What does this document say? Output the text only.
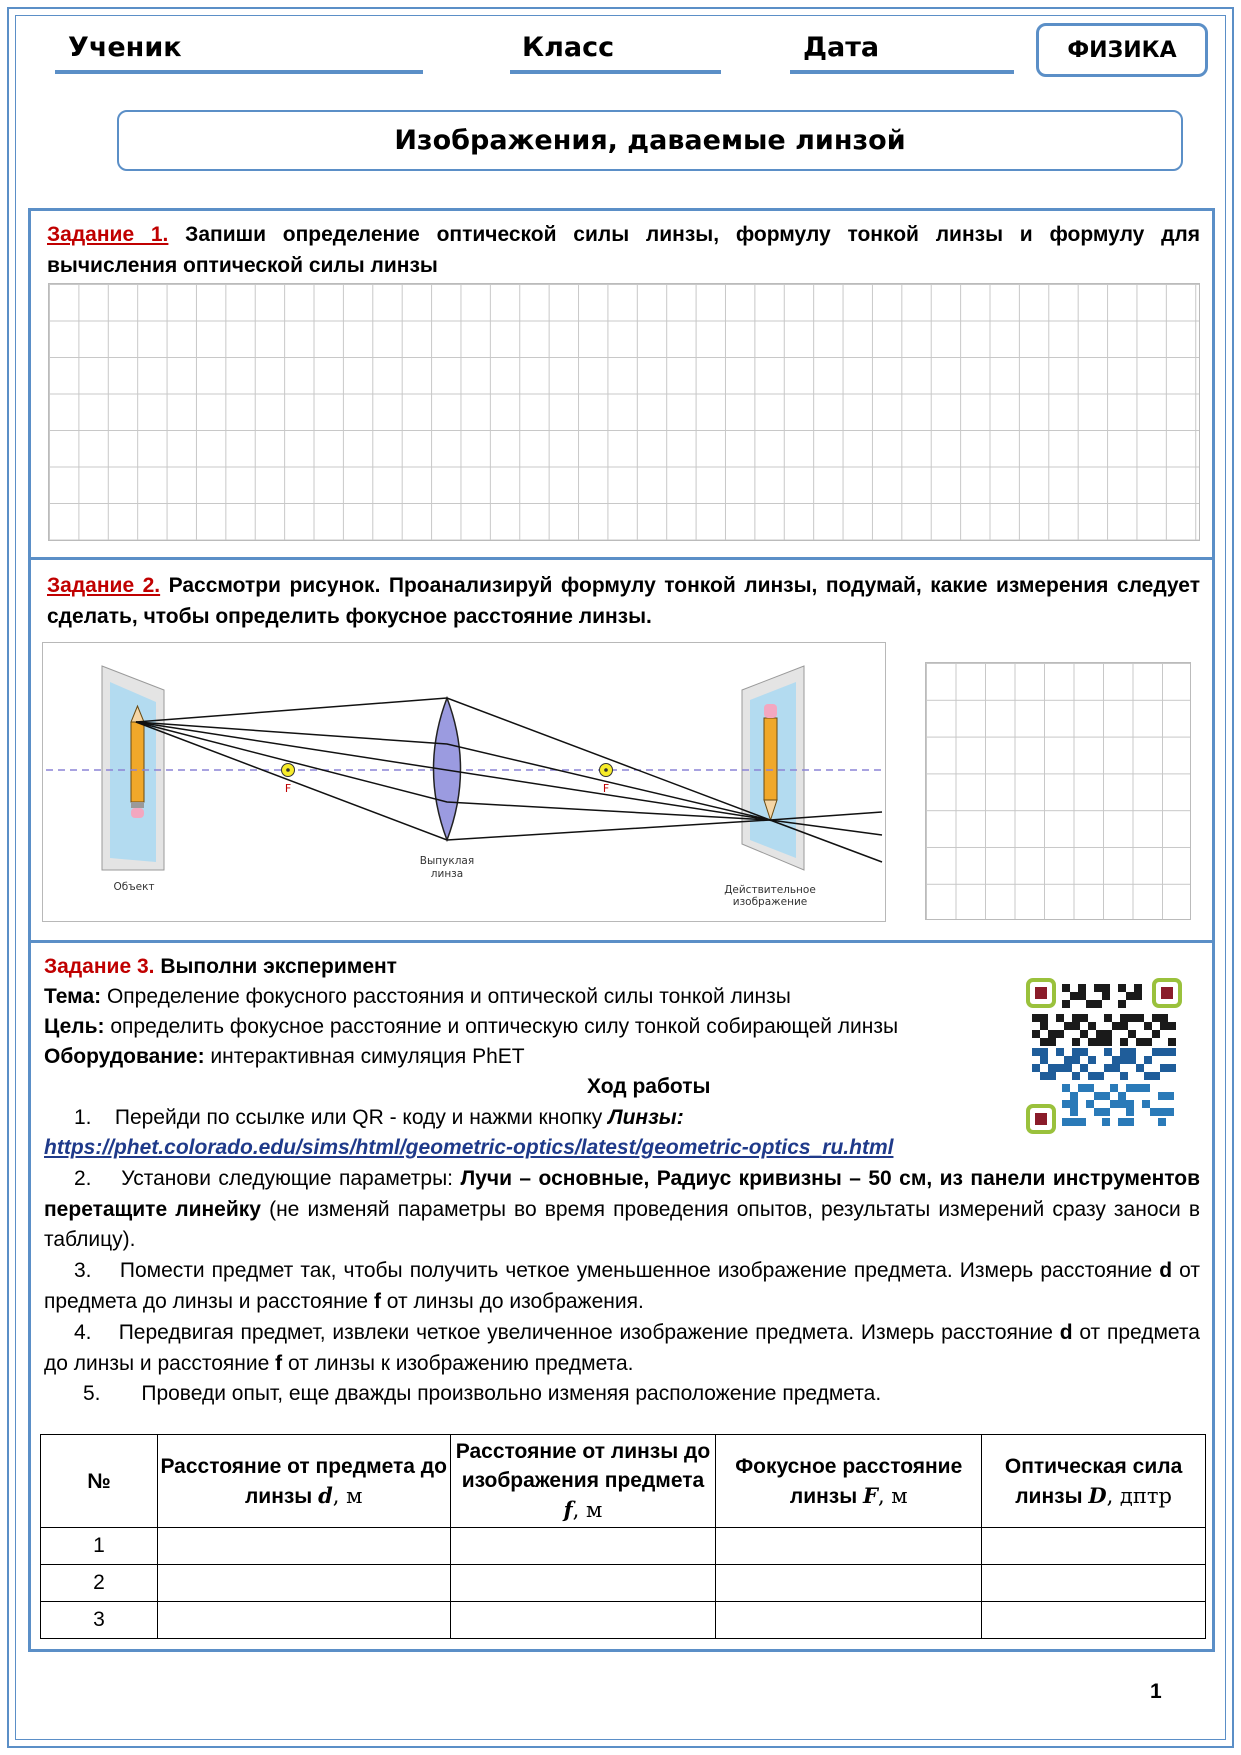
Ученик	Класс	Дата	ФИЗИКА
Изображения, даваемые линзой
Задание 1. Запиши определение оптической силы линзы, формулу тонкой линзы и формулу для вычисления оптической силы линзы
Задание 2. Рассмотри рисунок. Проанализируй формулу тонкой линзы, подумай, какие измерения следует сделать, чтобы определить фокусное расстояние линзы.
F	F
Объект
Выпуклая
линза
Действительное
изображение
Задание 3. Выполни эксперимент
Тема: Определение фокусного расстояния и оптической силы тонкой линзы
Цель: определить фокусное расстояние и оптическую силу тонкой собирающей линзы
Оборудование: интерактивная симуляция PhET
Ход работы
1. Перейди по ссылке или QR - коду и нажми кнопку Линзы:
https://phet.colorado.edu/sims/html/geometric-optics/latest/geometric-optics_ru.html
2. Установи следующие параметры: Лучи – основные, Радиус кривизны – 50 см, из панели инструментов перетащите линейку (не изменяй параметры во время проведения опытов, результаты измерений сразу заноси в таблицу).
3. Помести предмет так, чтобы получить четкое уменьшенное изображение предмета. Измерь расстояние d от предмета до линзы и расстояние f от линзы до изображения.
4. Передвигая предмет, извлеки четкое увеличенное изображение предмета. Измерь расстояние d от предмета до линзы и расстояние f от линзы к изображению предмета.
5. Проведи опыт, еще дважды произвольно изменяя расположение предмета.
№	Расстояние от предмета до линзы d, м	Расстояние от линзы до изображения предмета f, м	Фокусное расстояние линзы F, м	Оптическая сила линзы D, дптр
1				
2				
3				
1
